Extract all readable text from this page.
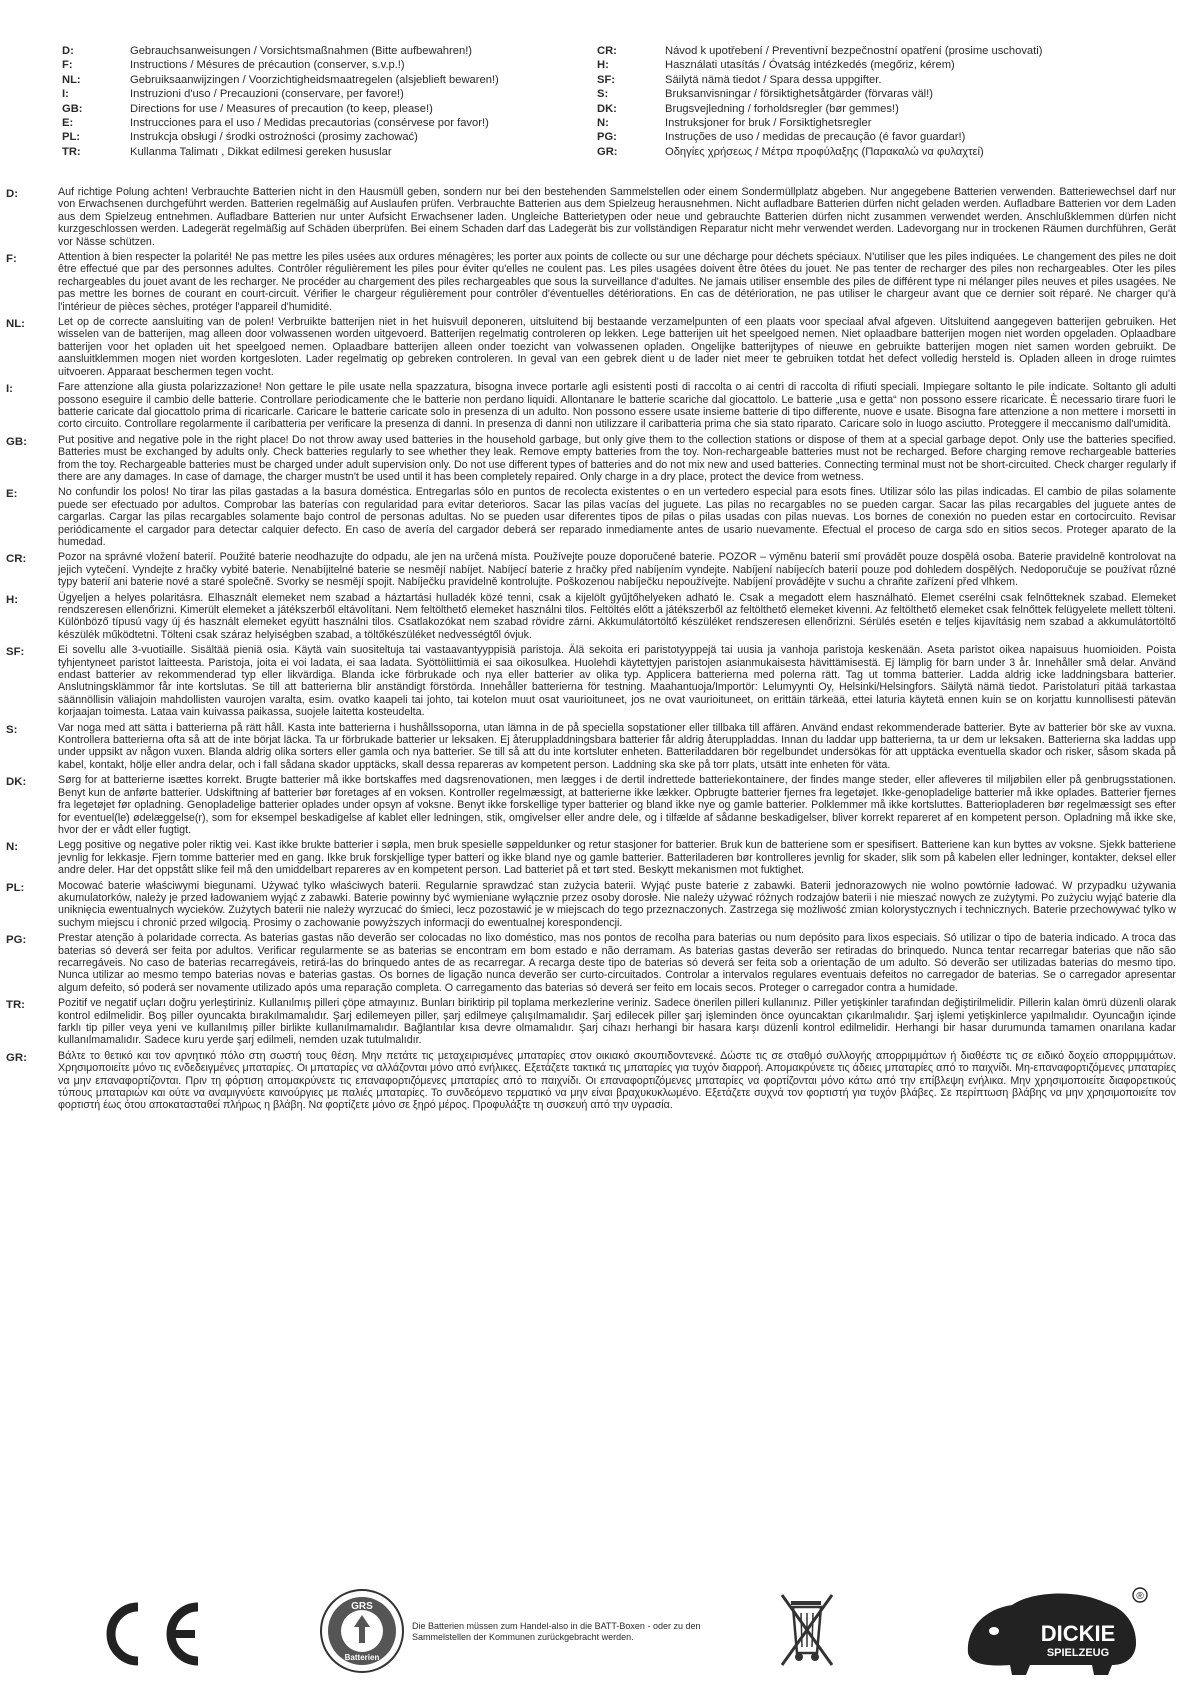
D:	Gebrauchsanweisungen / Vorsichtsmaßnahmen (Bitte aufbewahren!)
F:	Instructions / Mésures de précaution (conserver, s.v.p.!)
NL:	Gebruiksaanwijzingen / Voorzichtigheidsmaatregelen (alsjeblieft bewaren!)
I:	Instruzioni d'uso / Precauzioni (conservare, per favore!)
GB:	Directions for use / Measures of precaution (to keep, please!)
E:	Instrucciones para el uso / Medidas precautorias (consérvese por favor!)
PL:	Instrukcja obsługi / środki ostrożności (prosimy zachować)
TR:	Kullanma Talimatı , Dikkat edilmesi gereken hususlar
CR:	Návod k upotřebení / Preventivní bezpečnostní opatření (prosime uschovati)
H:	Használati utasítás / Óvatság intézkedés (megőriz, kérem)
SF:	Säilytä nämä tiedot / Spara dessa uppgifter.
S:	Bruksanvisningar / försiktighetsåtgärder (förvaras väl!)
DK:	Brugsvejledning / forholdsregler (bør gemmes!)
N:	Instruksjoner for bruk / Forsiktighetsregler
PG:	Instruções de uso / medidas de precaução (é favor guardar!)
GR:	Οδηγίες χρήσεως / Μέτρα προφύλαξης (Παρακαλώ να φυλαχτεί)
D:	Auf richtige Polung achten! Verbrauchte Batterien nicht in den Hausmüll geben, sondern nur bei den bestehenden Sammelstellen oder einem Sondermüllplatz abgeben. Nur angegebene Batterien verwenden. Batteriewechsel darf nur von Erwachsenen durchgeführt werden. Batterien regelmäßig auf Auslaufen prüfen. Verbrauchte Batterien aus dem Spielzeug herausnehmen. Nicht aufladbare Batterien dürfen nicht geladen werden. Aufladbare Batterien vor dem Laden aus dem Spielzeug entnehmen. Aufladbare Batterien nur unter Aufsicht Erwachsener laden. Ungleiche Batterietypen oder neue und gebrauchte Batterien dürfen nicht zusammen verwendet werden. Anschlußklemmen dürfen nicht kurzgeschlossen werden. Ladegerät regelmäßig auf Schäden überprüfen. Bei einem Schaden darf das Ladegerät bis zur vollständigen Reparatur nicht mehr verwendet werden. Ladevorgang nur in trockenen Räumen durchführen, Gerät vor Nässe schützen.
F:	Attention à bien respecter la polarité! Ne pas mettre les piles usées aux ordures ménagères; les porter aux points de collecte ou sur une décharge pour déchets spéciaux. N'utiliser que les piles indiquées. Le changement des piles ne doit être effectué que par des personnes adultes. Contrôler régulièrement les piles pour éviter qu'elles ne coulent pas. Les piles usagées doivent être ôtées du jouet. Ne pas tenter de recharger des piles non rechargeables. Oter les piles rechargeables du jouet avant de les recharger. Ne procéder au chargement des piles rechargeables que sous la surveillance d'adultes. Ne jamais utiliser ensemble des piles de différent type ni mélanger piles neuves et piles usagées. Ne pas mettre les bornes de courant en court-circuit. Vérifier le chargeur régulièrement pour contrôler d'éventuelles détériorations. En cas de détérioration, ne pas utiliser le chargeur avant que ce dernier soit réparé. Ne charger qu'à l'intérieur de pièces sèches, protéger l'appareil d'humidité.
NL:	Let op de correcte aansluiting van de polen! Verbruikte batterijen niet in het huisvuil deponeren, uitsluitend bij bestaande verzamelpunten of een plaats voor speciaal afval afgeven. Uitsluitend aangegeven batterijen gebruiken. Het wisselen van de batterijen, mag alleen door volwassenen worden uitgevoerd. Batterijen regelmatig controleren op lekken. Lege batterijen uit het speelgoed nemen. Niet oplaadbare batterijen mogen niet worden opgeladen. Oplaadbare batterijen voor het opladen uit het speelgoed nemen. Oplaadbare batterijen alleen onder toezicht van volwassenen opladen. Ongelijke batterijtypes of nieuwe en gebruikte batterijen mogen niet samen worden gebruikt. De aansluitklemmen mogen niet worden kortgesloten. Lader regelmatig op gebreken controleren. In geval van een gebrek dient u de lader niet meer te gebruiken totdat het defect volledig hersteld is. Opladen alleen in droge ruimtes uitvoeren. Apparaat beschermen tegen vocht.
I:	Fare attenzione alla giusta polarizzazione! Non gettare le pile usate nella spazzatura, bisogna invece portarle agli esistenti posti di raccolta o ai centri di raccolta di rifiuti speciali. Impiegare soltanto le pile indicate. Soltanto gli adulti possono eseguire il cambio delle batterie. Controllare periodicamente che le batterie non perdano liquidi. Allontanare le batterie scariche dal giocattolo. Le batterie „usa e getta“ non possono essere ricaricate. È necessario tirare fuori le batterie caricate dal giocattolo prima di ricaricarle. Caricare le batterie caricate solo in presenza di un adulto. Non possono essere usate insieme batterie di tipo differente, nuove e usate. Bisogna fare attenzione a non mettere i morsetti in corto circuito. Controllare regolarmente il caribatteria per verificare la presenza di danni. In presenza di danni non utilizzare il caribatteria prima che sia stato riparato. Caricare solo in luogo asciutto. Proteggere il meccanismo dall'umidità.
GB:	Put positive and negative pole in the right place! Do not throw away used batteries in the household garbage, but only give them to the collection stations or dispose of them at a special garbage depot. Only use the batteries specified. Batteries must be exchanged by adults only. Check batteries regularly to see whether they leak. Remove empty batteries from the toy. Non-rechargeable batteries must not be recharged. Before charging remove rechargeable batteries from the toy. Rechargeable batteries must be charged under adult supervision only. Do not use different types of batteries and do not mix new and used batteries. Connecting terminal must not be short-circuited. Check charger regularly if there are any damages. In case of damage, the charger mustn't be used until it has been completely repaired. Only charge in a dry place, protect the device from wetness.
E:	No confundir los polos! No tirar las pilas gastadas a la basura doméstica. Entregarlas sólo en puntos de recolecta existentes o en un vertedero especial para esots fines. Utilizar sólo las pilas indicadas. El cambio de pilas solamente puede ser efectuado por adultos. Comprobar las baterías con regularidad para evitar deterioros. Sacar las pilas vacías del juguete. Las pilas no recargables no se pueden cargar. Sacar las pilas recargables del juguete antes de cargarlas. Cargar las pilas recargables solamente bajo control de personas adultas. No se pueden usar diferentes tipos de pilas o pilas usadas con pilas nuevas. Los bornes de conexión no pueden estar en cortocircuito. Revisar periódicamente el cargador para detectar calquier defecto. En caso de avería del cargador deberá ser reparado inmediamente antes de usario nuevamente. Efectual el proceso de carga sdo en sitios secos. Proteger aparato de la humedad.
CR:	Pozor na správné vložení baterií. Použité baterie neodhazujte do odpadu, ale jen na určená místa. Používejte pouze doporučené baterie. POZOR – výměnu baterií smí provádět pouze dospělá osoba. Baterie pravidelně kontrolovat na jejich vytečení. Vyndejte z hračky vybité baterie. Nenabíjitelné baterie se nesmějí nabíjet. Nabíjecí baterie z hračky před nabíjením vyndejte. Nabíjení nabíjecích baterií pouze pod dohledem dospělých. Nedoporučuje se používat různé typy baterií ani baterie nové a staré společně. Svorky se nesmějí spojit. Nabíječku pravidelně kontrolujte. Poškozenou nabíječku nepoužívejte. Nabíjení provádějte v suchu a chraňte zařízení před vlhkem.
H:	Ügyeljen a helyes polaritásra. Elhasznált elemeket nem szabad a háztartási hulladék közé tenni, csak a kijelölt gyűjtőhelyeken adható le. Csak a megadott elem használható. Elemet cserélni csak felnőtteknek szabad. Elemeket rendszeresen ellenőrizni. Kimerült elemeket a játékszerből eltávolítani. Nem feltölthető elemeket használni tilos. Feltöltés előtt a játékszerből az feltölthető elemeket kivenni. Az feltölthető elemeket csak felnőttek felügyelete mellett tölteni. Különböző típusú vagy új és használt elemeket együtt használni tilos. Csatlakozókat nem szabad rövidre zárni. Akkumulátortöltő készüléket rendszeresen ellenőrizni. Sérülés esetén e teljes kijavításig nem szabad a akkumulátortöltő készülék működtetni. Tölteni csak száraz helyiségben szabad, a töltőkészüléket nedvességtől óvjuk.
SF:	Ei sovellu alle 3-vuotiaille. Sisältää pieniä osia. Käytä vain suositeltuja tai vastaavantyyppisiä paristoja. Älä sekoita eri paristotyyppejä tai uusia ja vanhoja paristoja keskenään. Aseta paristot oikea napaisuus huomioiden. Poista tyhjentyneet paristot laitteesta. Paristoja, joita ei voi ladata, ei saa ladata. Syöttöliittimiä ei saa oikosulkea. Huolehdi käytettyjen paristojen asianmukaisesta hävittämisestä. Ej lämplig för barn under 3 år. Innehåller små delar. Använd endast batterier av rekommenderad typ eller likvärdiga. Blanda icke förbrukade och nya eller batterier av olika typ. Applicera batterierna med polerna rätt. Tag ut tomma batterier. Ladda aldrig icke laddningsbara batterier. Anslutningsklämmor får inte kortslutas. Se till att batterierna blir anständigt förstörda. Innehåller batterierna för testning. Maahantuoja/Importör: Lelumyynti Oy, Helsinki/Helsingfors. Säilytä nämä tiedot. Paristolaturi pitää tarkastaa säännöllisin väliajoin mahdollisten vaurojen varalta, esim. ovatko kaapeli tai johto, tai kotelon muut osat vaurioituneet, jos ne ovat vaurioituneet, on erittäin tärkeää, ettei laturia käytetä ennen kuin se on korjattu kunnollisesti pätevän korjaajan toimesta. Lataa vain kuivassa paikassa, suojele laitetta kosteudelta.
S:	Var noga med att sätta i batterierna på rätt håll. Kasta inte batterierna i hushållssoporna, utan lämna in de på speciella sopstationer eller tillbaka till affären. Använd endast rekommenderade batterier. Byte av batterier bör ske av vuxna. Kontrollera batterierna ofta så att de inte börjat läcka. Ta ur förbrukade batterier ur leksaken. Ej återuppladdningsbara batterier får aldrig återuppladdas. Innan du laddar upp batterierna, ta ur dem ur leksaken. Batterierna ska laddas upp under uppsikt av någon vuxen. Blanda aldrig olika sorters eller gamla och nya batterier. Se till så att du inte kortsluter enheten. Batteriladdaren bör regelbundet undersökas för att upptäcka eventuella skador och risker, såsom skada på kabel, kontakt, hölje eller andra delar, och i fall sådana skador upptäcks, skall dessa repareras av kompetent person. Laddning ska ske på torr plats, utsätt inte enheten för väta.
DK:	Sørg for at batterierne isættes korrekt. Brugte batterier må ikke bortskaffes med dagsrenovationen, men lægges i de dertil indrettede batteriekontainere, der findes mange steder, eller afleveres til miljøbilen eller på genbrugsstationen. Benyt kun de anførte batterier. Udskiftning af batterier bør foretages af en voksen. Kontroller regelmæssigt, at batterierne ikke lækker. Opbrugte batterier fjernes fra legetøjet. Ikke-genopladelige batterier må ikke oplades. Batterier fjernes fra legetøjet før opladning. Genopladelige batterier oplades under opsyn af voksne. Benyt ikke forskellige typer batterier og bland ikke nye og gamle batterier. Polklemmer må ikke kortsluttes. Batteriopladeren bør regelmæssigt ses efter for eventuel(le) ødelæggelse(r), som for eksempel beskadigelse af kablet eller ledningen, stik, omgivelser eller andre dele, og i tilfælde af sådanne beskadigelser, bliver korrekt repareret af en kompetent person. Opladning må ikke ske, hvor der er vådt eller fugtigt.
N:	Legg positive og negative poler riktig vei. Kast ikke brukte batterier i søpla, men bruk spesielle søppeldunker og retur stasjoner for batterier. Bruk kun de batteriene som er spesifisert. Batteriene kan kun byttes av voksne. Sjekk batteriene jevnlig for lekkasje. Fjern tomme batterier med en gang. Ikke bruk forskjellige typer batteri og ikke bland nye og gamle batterier. Batteriladeren bør kontrolleres jevnlig for skader, slik som på kabelen eller ledninger, kontakter, deksel eller andre deler. Har det oppstått slike feil må den umiddelbart repareres av en kompetent person. Lad batteriet på et tørt sted. Beskytt mekanismen mot fuktighet.
PL:	Mocować baterie właściwymi biegunami. Używać tylko właściwych baterii. Regularnie sprawdzać stan zużycia baterii. Wyjąć puste baterie z zabawki. Baterii jednorazowych nie wolno powtórnie ładować. W przypadku używania akumulatorków, należy je przed ładowaniem wyjąć z zabawki. Baterie powinny być wymieniane wyłącznie przez osoby dorosłe. Nie należy używać różnych rodzajów baterii i nie mieszać nowych ze zużytymi. Po zużyciu wyjąć baterie dla uniknięcia ewentualnych wycieków. Zużytych baterii nie należy wyrzucać do śmieci, lecz pozostawić je w miejscach do tego przeznaczonych. Zastrzega się możliwość zmian kolorystycznych i technicznych. Baterie przechowywać tylko w suchym miejscu i chronić przed wilgocią. Prosimy o zachowanie powyższych informacji do ewentualnej korespondencji.
PG:	Prestar atenção à polaridade correcta. As baterias gastas não deverão ser colocadas no lixo doméstico, mas nos pontos de recolha para baterias ou num depósito para lixos especiais. Só utilizar o tipo de bateria indicado. A troca das baterias só deverá ser feita por adultos. Verificar regularmente se as baterias se encontram em bom estado e não derramam. As baterias gastas deverão ser retiradas do brinquedo. Nunca tentar recarregar baterias que não são recarregáveis. No caso de baterias recarregáveis, retirá-las do brinquedo antes de as recarregar. A recarga deste tipo de baterias só deverá ser feita sob a orientação de um adulto. Só deverão ser utilizadas baterias do mesmo tipo. Nunca utilizar ao mesmo tempo baterias novas e baterias gastas. Os bornes de ligação nunca deverão ser curto-circuitados. Controlar a intervalos regulares eventuais defeitos no carregador de baterias. Se o carregador apresentar algum defeito, só poderá ser novamente utilizado após uma reparação completa. O carregamento das baterias só deverá ser feito em locais secos. Proteger o carregador contra a humidade.
TR:	Pozitif ve negatif uçları doğru yerleştiriniz. Kullanılmış pilleri çöpe atmayınız. Bunları biriktirip pil toplama merkezlerine veriniz. Sadece önerilen pilleri kullanınız. Piller yetişkinler tarafından değiştirilmelidir. Pillerin kalan ömrü düzenli olarak kontrol edilmelidir. Boş piller oyuncakta bırakılmamalıdır. Şarj edilemeyen piller, şarj edilmeye çalışılmamalıdır. Şarj edilecek piller şarj işleminden önce oyuncaktan çıkarılmalıdır. Şarj işlemi yetişkinlerce yapılmalıdır. Oyuncağın içinde farklı tip piller veya yeni ve kullanılmış piller birlikte kullanılmamalıdır. Bağlantılar kısa devre olmamalıdır. Şarj cihazı herhangi bir hasara karşı düzenli kontrol edilmelidir. Herhangi bir hasar durumunda tamamen onarılana kadar kullanılmamalıdır. Sadece kuru yerde şarj edilmeli, nemden uzak tutulmalıdır.
GR:	Βάλτε το θετικό και τον αρνητικό πόλο στη σωστή τους θέση. Μην πετάτε τις μεταχειρισμένες μπαταρίες στον οικιακό σκουπιδοντενεκέ. Δώστε τις σε σταθμό συλλογής απορριμμάτων ή διαθέστε τις σε ειδικό δοχείο απορριμμάτων. Χρησιμοποιείτε μόνο τις ενδεδειγμένες μπαταρίες. Οι μπαταρίες να αλλάζονται μόνο από ενήλικες. Εξετάζετε τακτικά τις μπαταρίες για τυχόν διαρροή. Απομακρύνετε τις άδειες μπαταρίες από το παιχνίδι. Μη-επαναφορτιζόμενες μπαταρίες να μην επαναφορτίζονται. Πριν τη φόρτιση απομακρύνετε τις επαναφορτιζόμενες μπαταρίες από το παιχνίδι. Οι επαναφορτιζόμενες μπαταρίες να φορτίζονται μόνο κάτω από την επίβλεψη ενήλικα. Μην χρησιμοποιείτε διαφορετικούς τύπους μπαταριών και ούτε να αναμιγνύετε καινούργιες με παλιές μπαταρίες. Το συνδεόμενο τερματικό να μην είναι βραχυκυκλωμένο. Εξετάζετε συχνά τον φορτιστή για τυχόν βλάβες. Σε περίπτωση βλάβης να μην χρησιμοποιείτε τον φορτιστή έως ότου αποκατασταθεί πλήρως η βλάβη. Να φορτίζετε μόνο σε ξηρό μέρος. Προφυλάξτε τη συσκευή από την υγρασία.
GRS
Batterien
Die Batterien müssen zum Handel-also in die BATT-Boxen - oder zu den Sammelstellen der Kommunen zurückgebracht werden.	DICKIE
SPIELZEUG
®
